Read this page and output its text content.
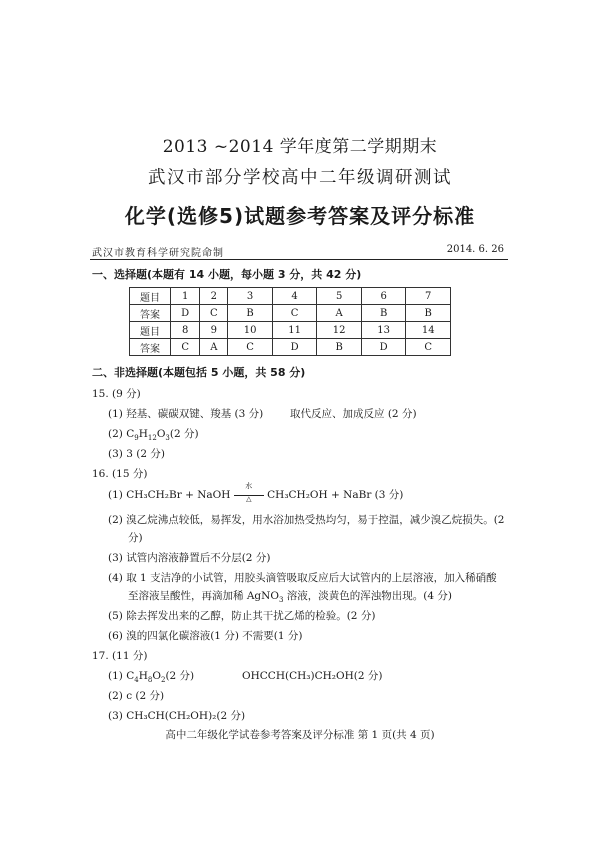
2013 ~2014 学年度第二学期期末
武汉市部分学校高中二年级调研测试
化学(选修5)试题参考答案及评分标准
武汉市教育科学研究院命制	2014. 6. 26
一、选择题(本题有 14 小题，每小题 3 分，共 42 分)
题目	1	2	3	4	5	6	7
答案	D	C	B	C	A	B	B
题目	8	9	10	11	12	13	14
答案	C	A	C	D	B	D	C
二、非选择题(本题包括 5 小题，共 58 分)
15. (9 分)
(1) 羟基、碳碳双键、羧基 (3 分)	取代反应、加成反应 (2 分)
(2) $C_9H_{12}O_3(2$ 分)
(3) 3 (2 分)
16. (15 分)
(1) CH₃CH₂Br + NaOH
水
△	CH₃CH₂OH + NaBr (3 分)
(2) 溴乙烷沸点较低，易挥发，用水浴加热受热均匀，易于控温，减少溴乙烷损失。(2
分)
(3) 试管内溶液静置后不分层(2 分)
(4) 取 1 支洁净的小试管，用胶头滴管吸取反应后大试管内的上层溶液，加入稀硝酸
至溶液呈酸性，再滴加稀 AgNO$_3$ 溶液，淡黄色的浑浊物出现。(4 分)
(5) 除去挥发出来的乙醇，防止其干扰乙烯的检验。(2 分)
(6) 溴的四氯化碳溶液(1 分) 不需要(1 分)
17. (11 分)
(1) $C_4H_8O_2(2$ 分)	OHCCH(CH₃)CH₂OH(2 分)
(2) c (2 分)
(3) CH₃CH(CH₂OH)₂(2 分)
高中二年级化学试卷参考答案及评分标准 第 1 页(共 4 页)
